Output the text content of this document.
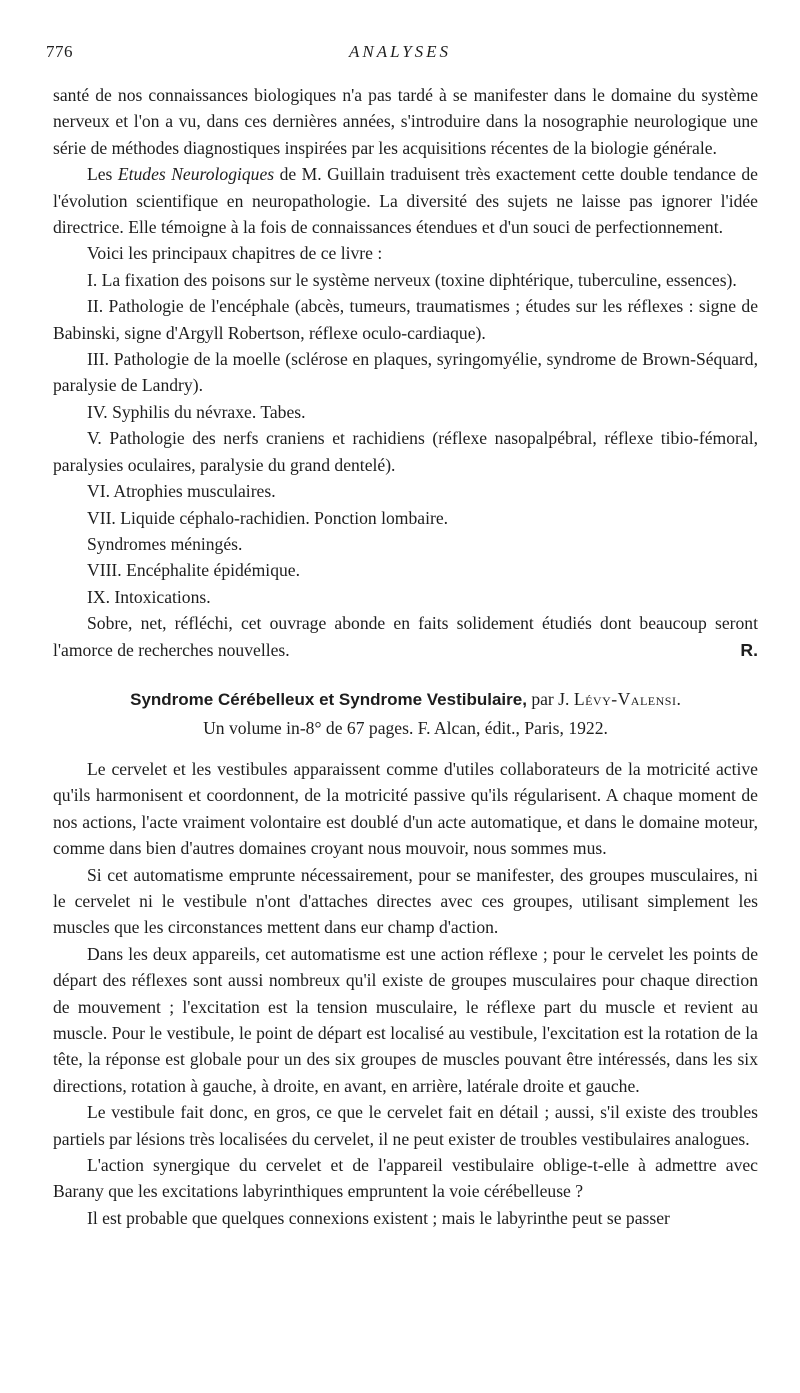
776	ANALYSES

santé de nos connaissances biologiques n'a pas tardé à se manifester dans le domaine du système nerveux et l'on a vu, dans ces dernières années, s'introduire dans la nosographie neurologique une série de méthodes diagnostiques inspirées par les acquisitions récentes de la biologie générale.

Les Etudes Neurologiques de M. Guillain traduisent très exactement cette double tendance de l'évolution scientifique en neuropathologie. La diversité des sujets ne laisse pas ignorer l'idée directrice. Elle témoigne à la fois de connaissances étendues et d'un souci de perfectionnement.

Voici les principaux chapitres de ce livre :

I. La fixation des poisons sur le système nerveux (toxine diphtérique, tuberculine, essences).

II. Pathologie de l'encéphale (abcès, tumeurs, traumatismes ; études sur les réflexes : signe de Babinski, signe d'Argyll Robertson, réflexe oculo-cardiaque).

III. Pathologie de la moelle (sclérose en plaques, syringomyélie, syndrome de Brown-Séquard, paralysie de Landry).

IV. Syphilis du névraxe. Tabes.

V. Pathologie des nerfs craniens et rachidiens (réflexe nasopalpébral, réflexe tibio-fémoral, paralysies oculaires, paralysie du grand dentelé).

VI. Atrophies musculaires.

VII. Liquide céphalo-rachidien. Ponction lombaire.

Syndromes méningés.

VIII. Encéphalite épidémique.

IX. Intoxications.

Sobre, net, réfléchi, cet ouvrage abonde en faits solidement étudiés dont beaucoup seront l'amorce de recherches nouvelles.	R.

Syndrome Cérébelleux et Syndrome Vestibulaire, par J. Lévy-Valensi.
Un volume in-8° de 67 pages. F. Alcan, édit., Paris, 1922.

Le cervelet et les vestibules apparaissent comme d'utiles collaborateurs de la motricité active qu'ils harmonisent et coordonnent, de la motricité passive qu'ils régularisent. A chaque moment de nos actions, l'acte vraiment volontaire est doublé d'un acte automatique, et dans le domaine moteur, comme dans bien d'autres domaines croyant nous mouvoir, nous sommes mus.

Si cet automatisme emprunte nécessairement, pour se manifester, des groupes musculaires, ni le cervelet ni le vestibule n'ont d'attaches directes avec ces groupes, utilisant simplement les muscles que les circonstances mettent dans eur champ d'action.

Dans les deux appareils, cet automatisme est une action réflexe ; pour le cervelet les points de départ des réflexes sont aussi nombreux qu'il existe de groupes musculaires pour chaque direction de mouvement ; l'excitation est la tension musculaire, le réflexe part du muscle et revient au muscle. Pour le vestibule, le point de départ est localisé au vestibule, l'excitation est la rotation de la tête, la réponse est globale pour un des six groupes de muscles pouvant être intéressés, dans les six directions, rotation à gauche, à droite, en avant, en arrière, latérale droite et gauche.

Le vestibule fait donc, en gros, ce que le cervelet fait en détail ; aussi, s'il existe des troubles partiels par lésions très localisées du cervelet, il ne peut exister de troubles vestibulaires analogues.

L'action synergique du cervelet et de l'appareil vestibulaire oblige-t-elle à admettre avec Barany que les excitations labyrinthiques empruntent la voie cérébelleuse ?

Il est probable que quelques connexions existent ; mais le labyrinthe peut se passer
